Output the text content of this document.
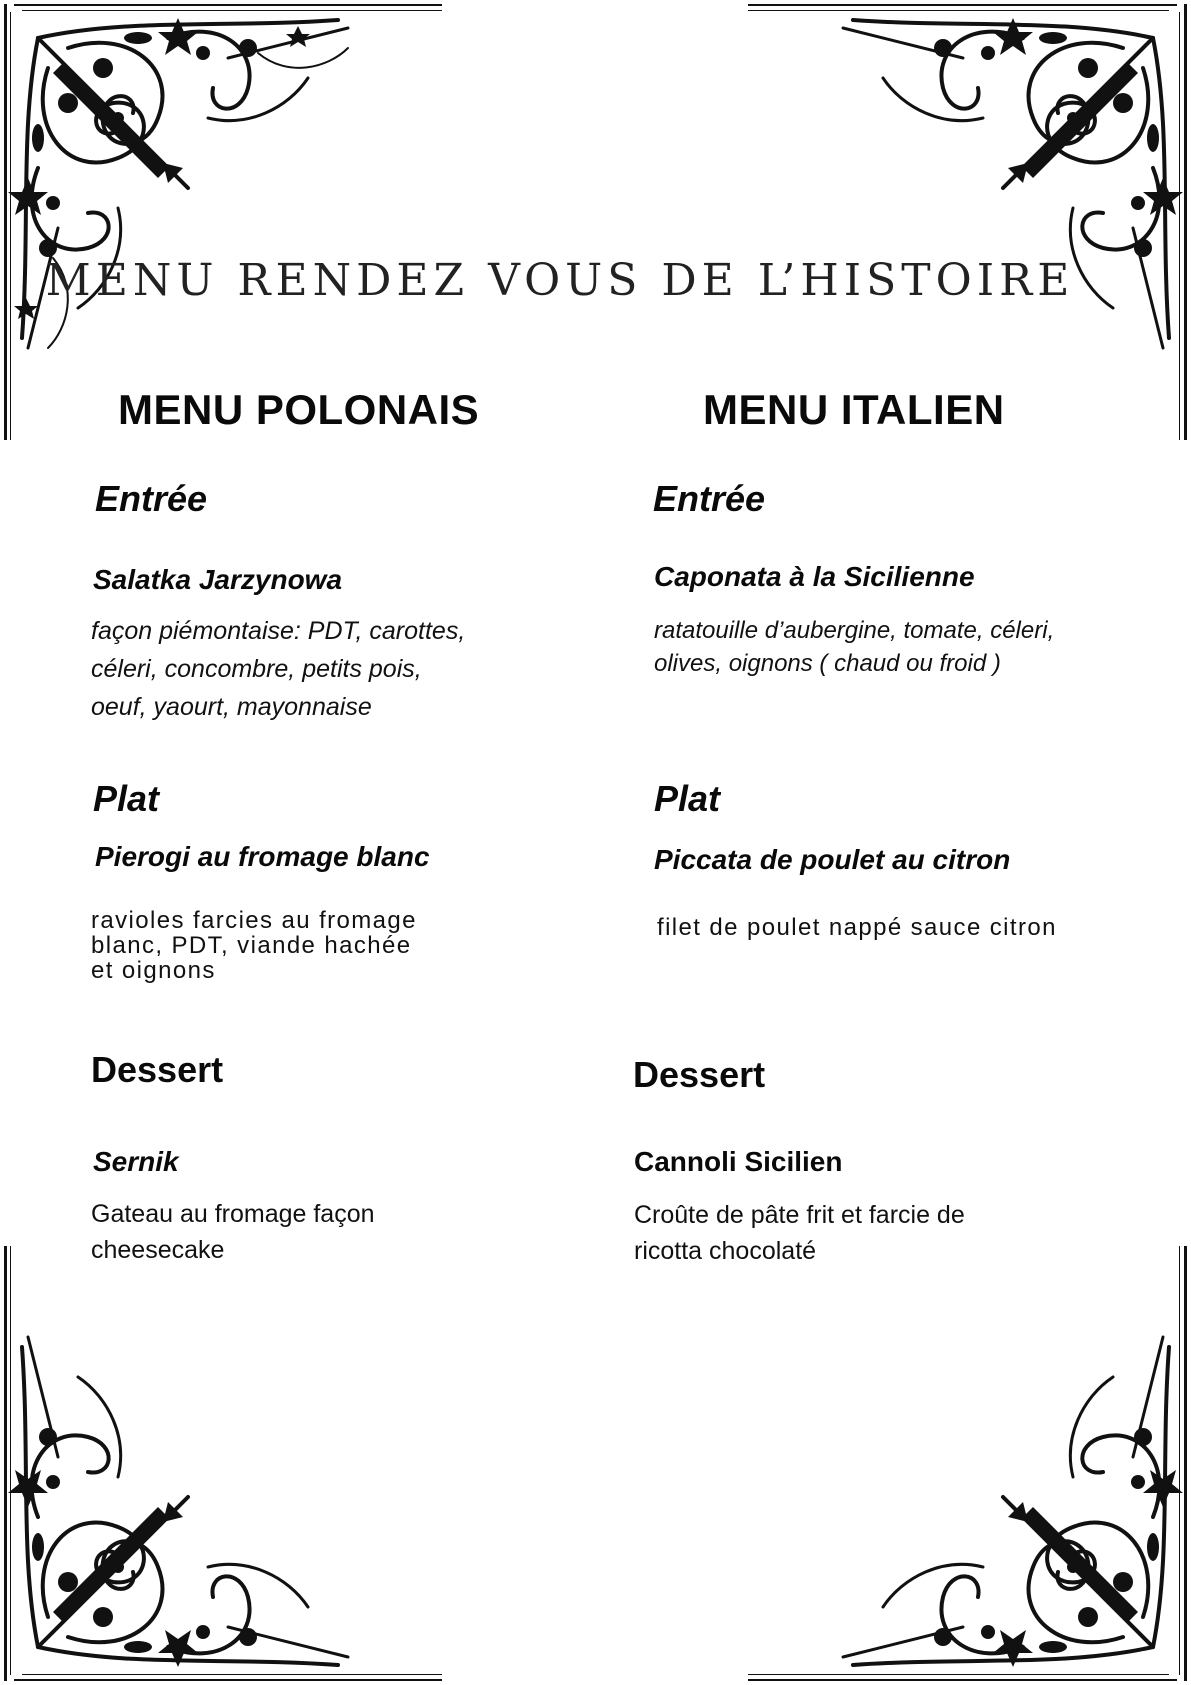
MENU RENDEZ VOUS DE L’HISTOIRE
MENU POLONAIS	MENU ITALIEN
Entrée
Salatka Jarzynowa
façon piémontaise: PDT, carottes,
céleri, concombre, petits pois,
oeuf, yaourt, mayonnaise
Plat
Pierogi au fromage blanc
ravioles farcies au fromage
blanc, PDT, viande hachée
et oignons
Dessert
Sernik
Gateau au fromage façon
cheesecake
Entrée
Caponata à la Sicilienne
ratatouille d’aubergine, tomate, céleri,
olives, oignons ( chaud ou froid )
Plat
Piccata de poulet au citron
filet de poulet nappé sauce citron
Dessert
Cannoli Sicilien
Croûte de pâte frit et farcie de
ricotta chocolaté
